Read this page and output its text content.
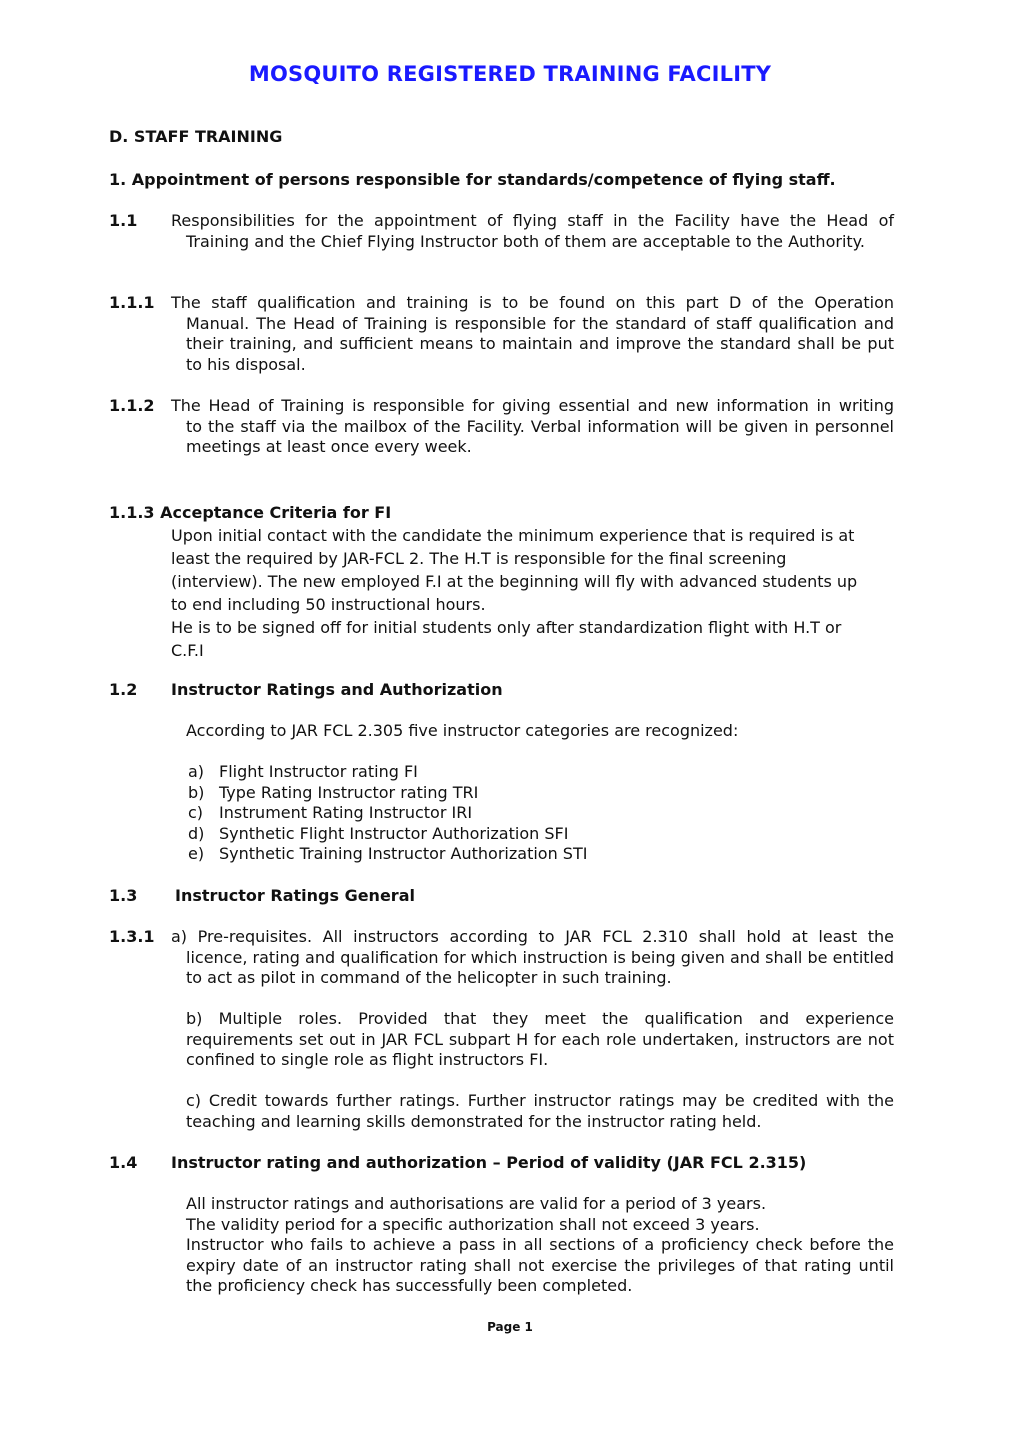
MOSQUITO REGISTERED TRAINING FACILITY
D. STAFF TRAINING
1. Appointment of persons responsible for standards/competence of flying staff.
1.1 Responsibilities for the appointment of flying staff in the Facility have the Head of
Training and the Chief Flying Instructor both of them are acceptable to the Authority.
1.1.1 The staff qualification and training is to be found on this part D of the Operation
Manual. The Head of Training is responsible for the standard of staff qualification and their training, and sufficient means to maintain and improve the standard shall be put to his disposal.
1.1.2 The Head of Training is responsible for giving essential and new information in writing
to the staff via the mailbox of the Facility. Verbal information will be given in personnel meetings at least once every week.
1.1.3 Acceptance Criteria for FI
Upon initial contact with the candidate the minimum experience that is required is at
least the required by JAR-FCL 2. The H.T is responsible for the final screening
(interview). The new employed F.I at the beginning will fly with advanced students up
to end including 50 instructional hours.
He is to be signed off for initial students only after standardization flight with H.T or
C.F.I
1.2 Instructor Ratings and Authorization
According to JAR FCL 2.305 five instructor categories are recognized:
a) Flight Instructor rating FI
b) Type Rating Instructor rating TRI
c) Instrument Rating Instructor IRI
d) Synthetic Flight Instructor Authorization SFI
e) Synthetic Training Instructor Authorization STI
1.3 Instructor Ratings General
1.3.1 a) Pre-requisites. All instructors according to JAR FCL 2.310 shall hold at least the
licence, rating and qualification for which instruction is being given and shall be entitled to act as pilot in command of the helicopter in such training.
b) Multiple roles. Provided that they meet the qualification and experience requirements set out in JAR FCL subpart H for each role undertaken, instructors are not confined to single role as flight instructors FI.
c) Credit towards further ratings. Further instructor ratings may be credited with the teaching and learning skills demonstrated for the instructor rating held.
1.4 Instructor rating and authorization – Period of validity (JAR FCL 2.315)
All instructor ratings and authorisations are valid for a period of 3 years.
The validity period for a specific authorization shall not exceed 3 years.
Instructor who fails to achieve a pass in all sections of a proficiency check before the expiry date of an instructor rating shall not exercise the privileges of that rating until the proficiency check has successfully been completed.
Page 1
